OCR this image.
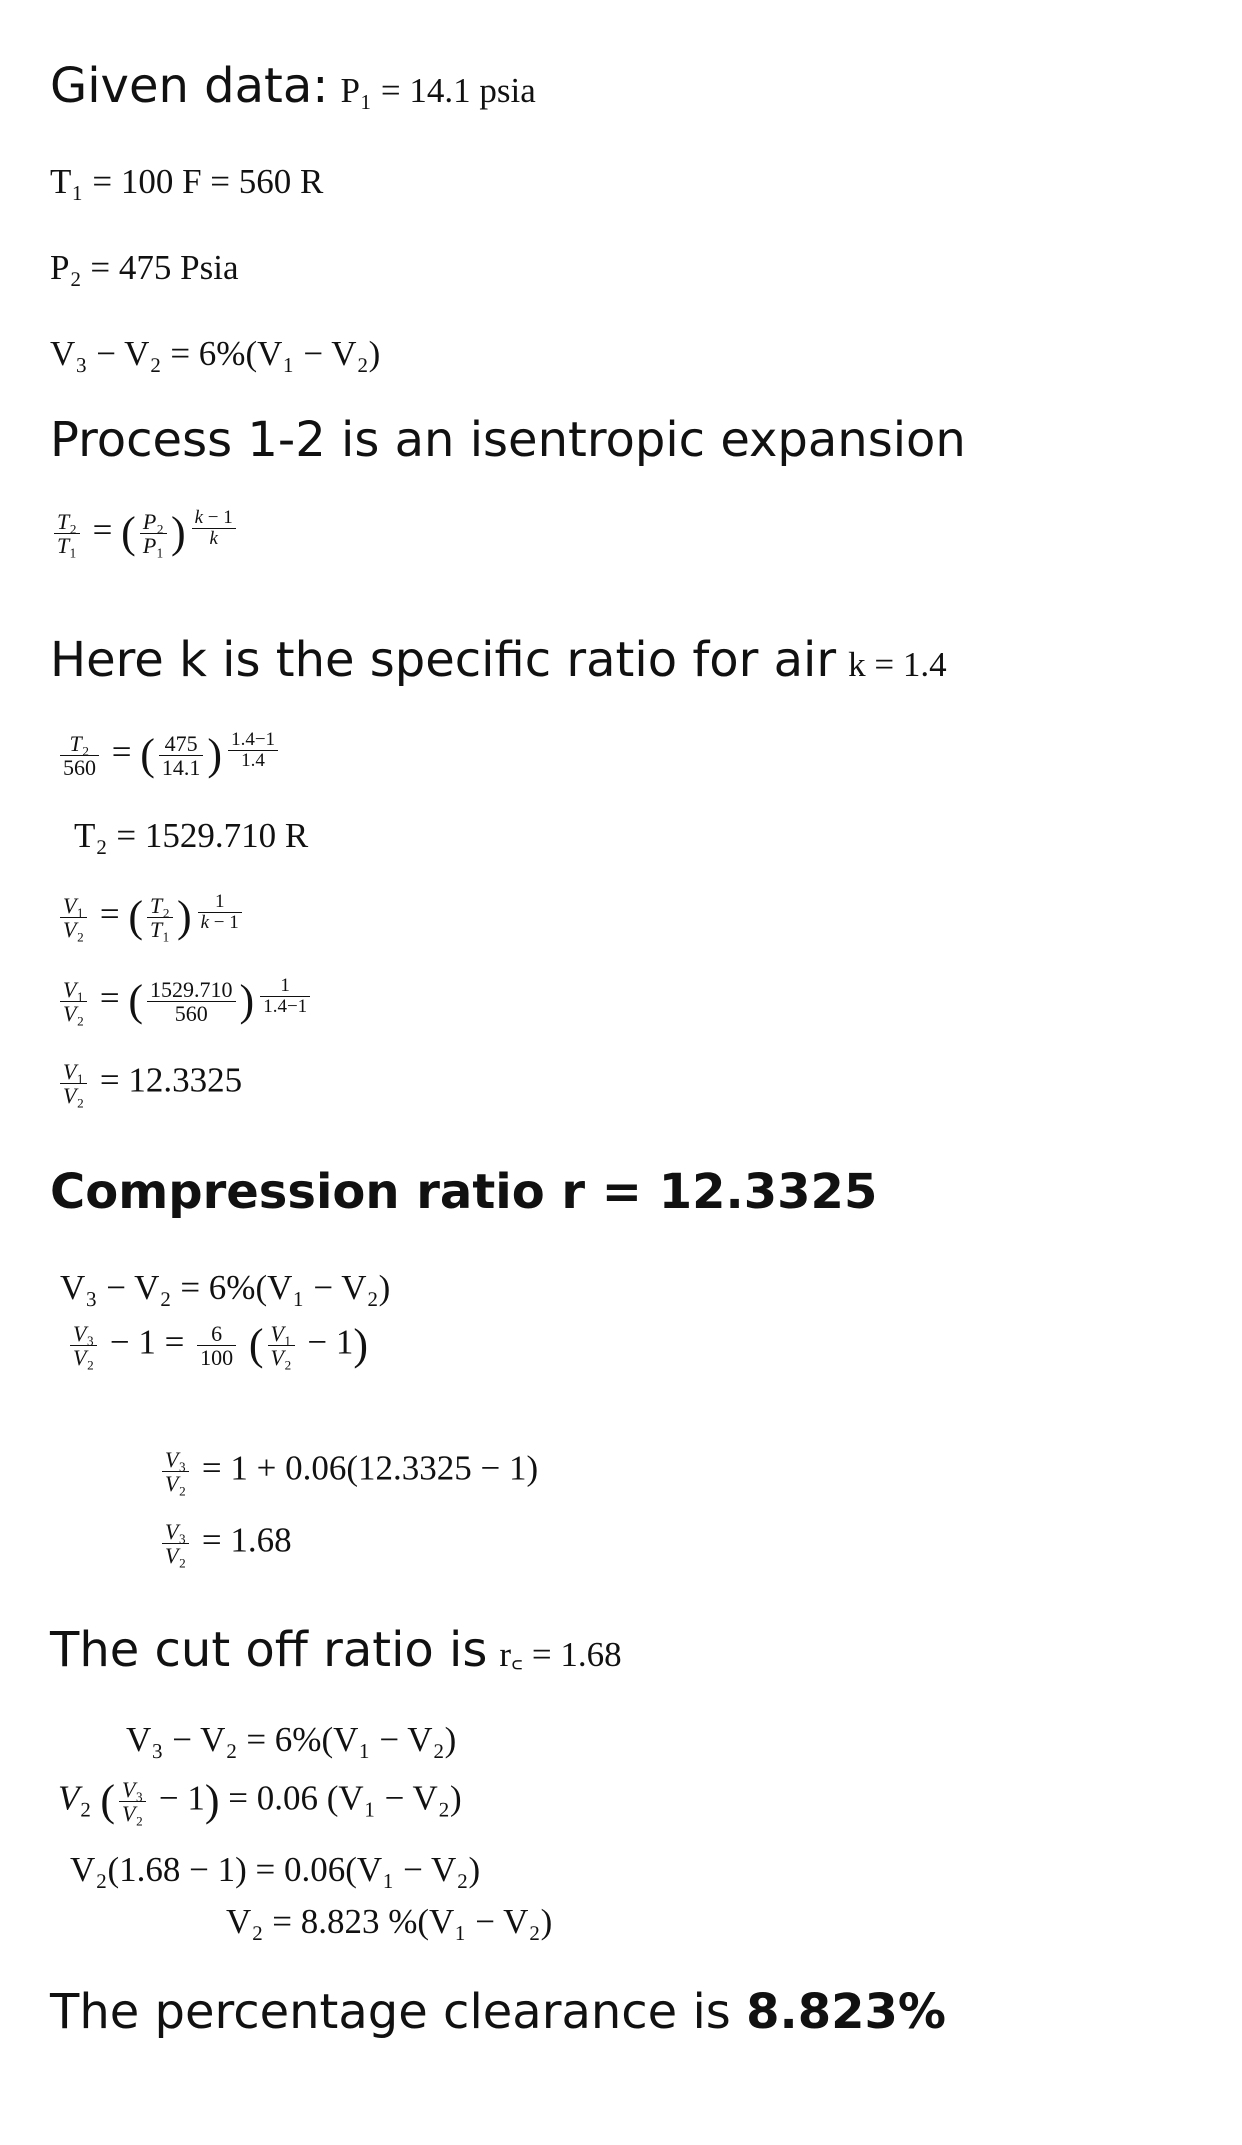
Given data: P₁ = 14.1 psia
T₁ = 100 F = 560 R
P₂ = 475 Psia
V₃ − V₂ = 6%(V₁ − V₂)
Process 1-2 is an isentropic expansion
$\frac{\text{T₂}}{\text{T₁}}$ = ( $\frac{\text{P₂}}{\text{P₁}}$ ) $\frac{k - 1}{k}$
Here k is the specific ratio for air k = 1.4
$\frac{\text{T₂}}{560}$ = ( $\frac{475}{14.1}$ ) $\frac{1.4-1}{1.4}$
T₂ = 1529.710 R
$\frac{\text{V₁}}{\text{V₂}}$ = ( $\frac{\text{T₂}}{\text{T₁}}$ ) $\frac{1}{k - 1}$
$\frac{\text{V₁}}{\text{V₂}}$ = ( $\frac{1529.710}{560}$ ) $\frac{1}{1.4-1}$
$\frac{\text{V₁}}{\text{V₂}} = 12.3325$
Compression ratio r = 12.3325
V₃ − V₂ = 6%(V₁ − V₂)
$\frac{\text{V₃}}{\text{V₂}} - 1 = \frac{6}{100}$ ( $\frac{\text{V₁}}{\text{V₂}} - 1$)
$\frac{\text{V₃}}{\text{V₂}} = 1 + 0.06(12.3325 - 1)$
$\frac{\text{V₃}}{\text{V₂}} = 1.68$
The cut off ratio is r꜀ = 1.68
V₃ − V₂ = 6%(V₁ − V₂)
V₂ ( $\frac{\text{V₃}}{\text{V₂}} - 1) = 0.06$ (V₁ − V₂)
V₂(1.68 − 1) = 0.06(V₁ − V₂)
V₂ = 8.823 %(V₁ − V₂)
The percentage clearance is 8.823%
